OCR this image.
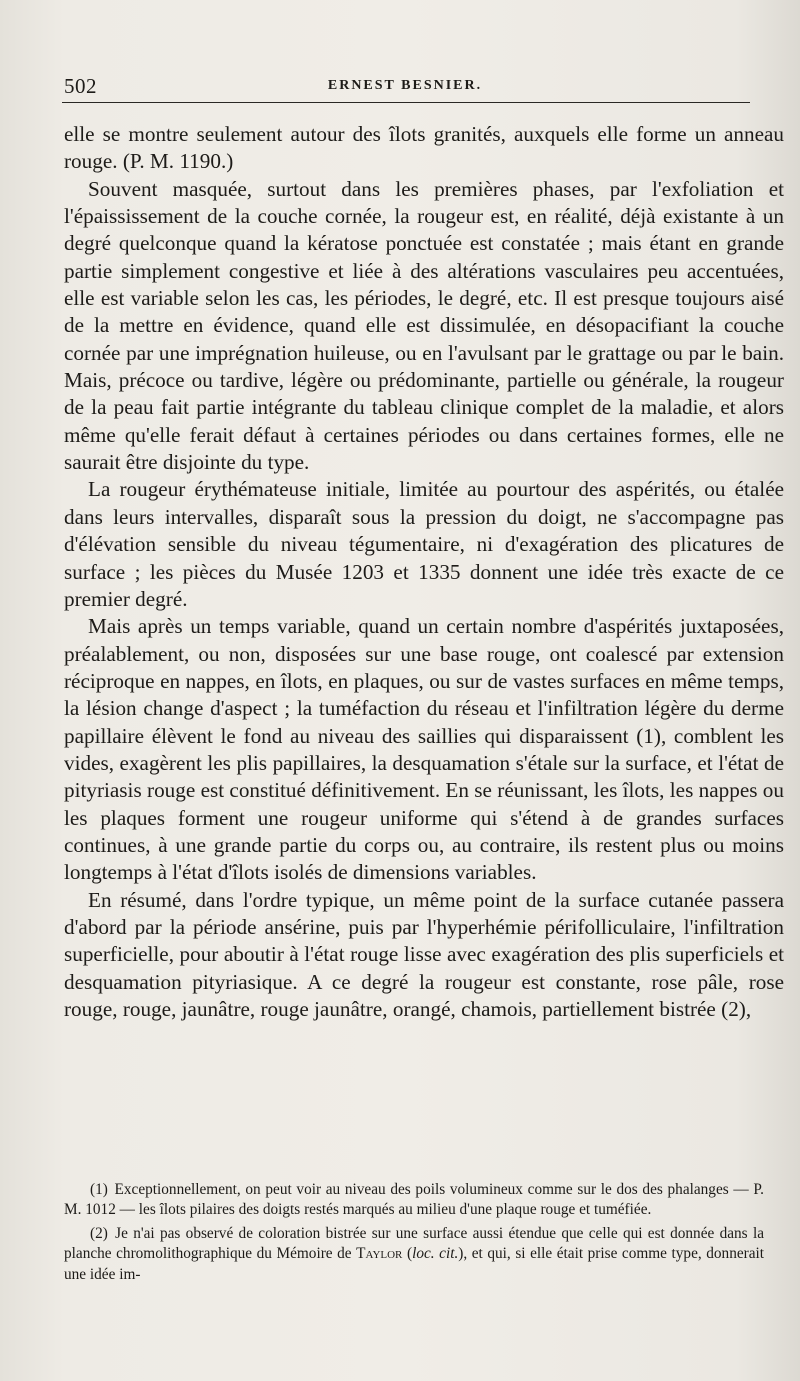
502	ERNEST BESNIER.

elle se montre seulement autour des îlots granités, auxquels elle forme un anneau rouge. (P. M. 1190.)

Souvent masquée, surtout dans les premières phases, par l'exfoliation et l'épaississement de la couche cornée, la rougeur est, en réalité, déjà existante à un degré quelconque quand la kératose ponctuée est constatée ; mais étant en grande partie simplement congestive et liée à des altérations vasculaires peu accentuées, elle est variable selon les cas, les périodes, le degré, etc. Il est presque toujours aisé de la mettre en évidence, quand elle est dissimulée, en désopacifiant la couche cornée par une imprégnation huileuse, ou en l'avulsant par le grattage ou par le bain. Mais, précoce ou tardive, légère ou prédominante, partielle ou générale, la rougeur de la peau fait partie intégrante du tableau clinique complet de la maladie, et alors même qu'elle ferait défaut à certaines périodes ou dans certaines formes, elle ne saurait être disjointe du type.

La rougeur érythémateuse initiale, limitée au pourtour des aspérités, ou étalée dans leurs intervalles, disparaît sous la pression du doigt, ne s'accompagne pas d'élévation sensible du niveau tégumentaire, ni d'exagération des plicatures de surface ; les pièces du Musée 1203 et 1335 donnent une idée très exacte de ce premier degré.

Mais après un temps variable, quand un certain nombre d'aspérités juxtaposées, préalablement, ou non, disposées sur une base rouge, ont coalescé par extension réciproque en nappes, en îlots, en plaques, ou sur de vastes surfaces en même temps, la lésion change d'aspect ; la tuméfaction du réseau et l'infiltration légère du derme papillaire élèvent le fond au niveau des saillies qui disparaissent (1), comblent les vides, exagèrent les plis papillaires, la desquamation s'étale sur la surface, et l'état de pityriasis rouge est constitué définitivement. En se réunissant, les îlots, les nappes ou les plaques forment une rougeur uniforme qui s'étend à de grandes surfaces continues, à une grande partie du corps ou, au contraire, ils restent plus ou moins longtemps à l'état d'îlots isolés de dimensions variables.

En résumé, dans l'ordre typique, un même point de la surface cutanée passera d'abord par la période ansérine, puis par l'hyperhémie périfolliculaire, l'infiltration superficielle, pour aboutir à l'état rouge lisse avec exagération des plis superficiels et desquamation pityriasique. A ce degré la rougeur est constante, rose pâle, rose rouge, rouge, jaunâtre, rouge jaunâtre, orangé, chamois, partiellement bistrée (2),

(1) Exceptionnellement, on peut voir au niveau des poils volumineux comme sur le dos des phalanges — P. M. 1012 — les îlots pilaires des doigts restés marqués au milieu d'une plaque rouge et tuméfiée.

(2) Je n'ai pas observé de coloration bistrée sur une surface aussi étendue que celle qui est donnée dans la planche chromolithographique du Mémoire de Taylor (loc. cit.), et qui, si elle était prise comme type, donnerait une idée im-
